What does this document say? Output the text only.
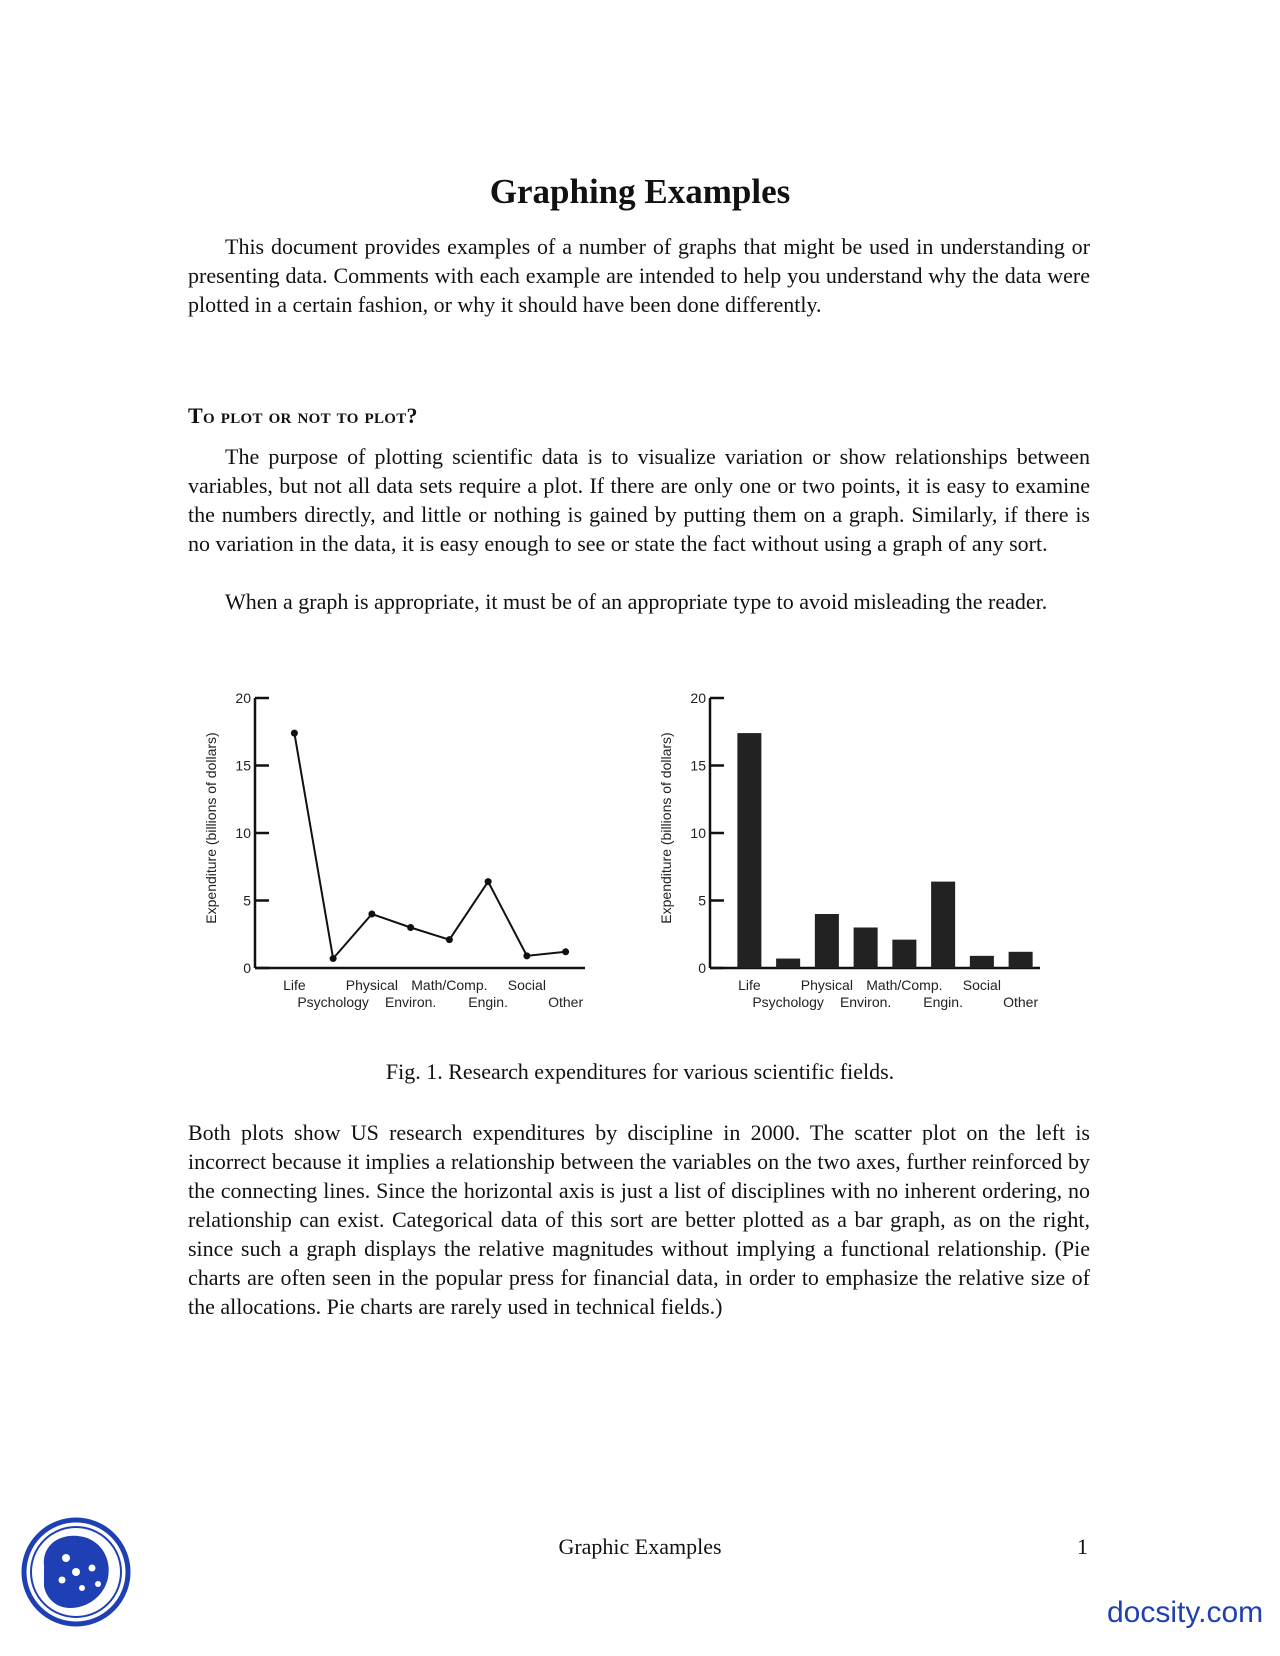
Graphing Examples

This document provides examples of a number of graphs that might be used in understanding or presenting data. Comments with each example are intended to help you understand why the data were plotted in a certain fashion, or why it should have been done differently.

To plot or not to plot?

The purpose of plotting scientific data is to visualize variation or show relationships between variables, but not all data sets require a plot. If there are only one or two points, it is easy to examine the numbers directly, and little or nothing is gained by putting them on a graph. Similarly, if there is no variation in the data, it is easy enough to see or state the fact without using a graph of any sort.

When a graph is appropriate, it must be of an appropriate type to avoid misleading the reader.

0
5
10
15
20
Expenditure (billions of dollars)
Life
Psychology
Physical
Environ.
Math/Comp.
Engin.
Social
Other
0
5
10
15
20
Expenditure (billions of dollars)
Life
Psychology
Physical
Environ.
Math/Comp.
Engin.
Social
Other
Fig. 1. Research expenditures for various scientific fields.

Both plots show US research expenditures by discipline in 2000. The scatter plot on the left is incorrect because it implies a relationship between the variables on the two axes, further reinforced by the connecting lines. Since the horizontal axis is just a list of disciplines with no inherent ordering, no relationship can exist. Categorical data of this sort are better plotted as a bar graph, as on the right, since such a graph displays the relative magnitudes without implying a functional relationship. (Pie charts are often seen in the popular press for financial data, in order to emphasize the relative size of the allocations. Pie charts are rarely used in technical fields.)

Graphic Examples	1
docsity.com
